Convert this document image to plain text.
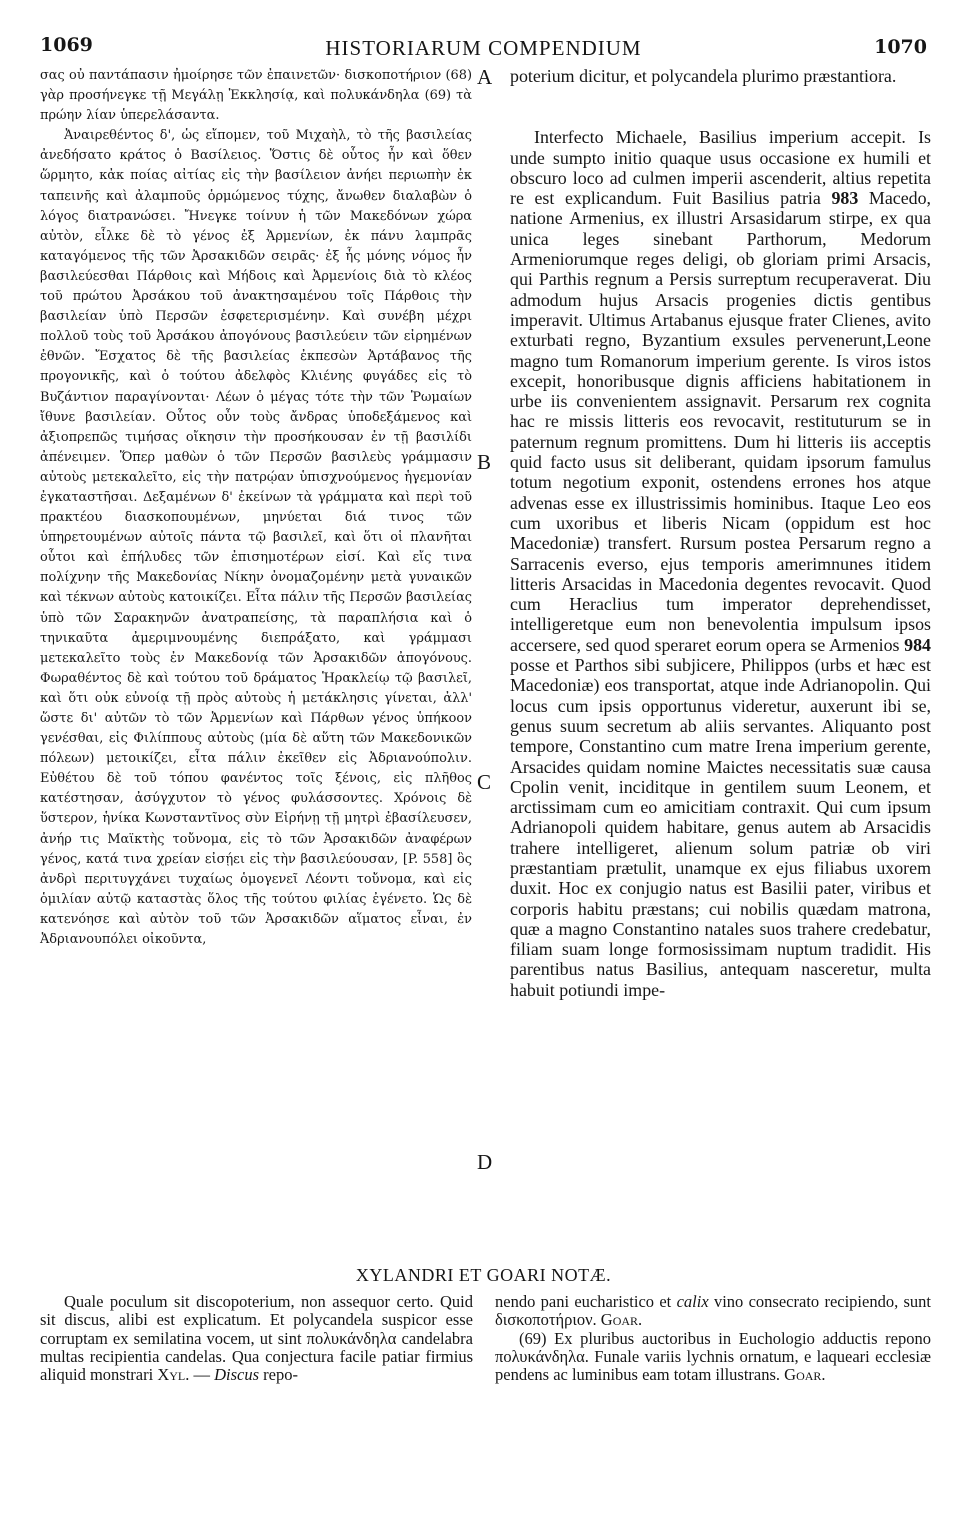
1069	HISTORIARUM COMPENDIUM	1070

σας οὐ παντάπασιν ἠμοίρησε τῶν ἐπαινετῶν· δισκοποτήριον (68) γὰρ προσήνεγκε τῇ Μεγάλῃ Ἐκκλησίᾳ, καὶ πολυκάνδηλα (69) τὰ πρώην λίαν ὑπερελάσαντα.

Ἀναιρεθέντος δ', ὡς εἴπομεν, τοῦ Μιχαὴλ, τὸ τῆς βασιλείας ἀνεδήσατο κράτος ὁ Βασίλειος. Ὅστις δὲ οὗτος ἦν καὶ ὅθεν ὥρμητο, κἀκ ποίας αἰτίας εἰς τὴν βασίλειον ἀνήει περιωπὴν ἐκ ταπεινῆς καὶ ἀλαμποῦς ὁρμώμενος τύχης, ἄνωθεν διαλαβὼν ὁ λόγος διατρανώσει. Ἤνεγκε τοίνυν ἡ τῶν Μακεδόνων χώρα αὐτὸν, εἷλκε δὲ τὸ γένος ἐξ Ἀρμενίων, ἐκ πάνυ λαμπρᾶς καταγόμενος τῆς τῶν Ἀρσακιδῶν σειρᾶς· ἐξ ἧς μόνης νόμος ἦν βασιλεύεσθαι Πάρθοις καὶ Μήδοις καὶ Ἀρμενίοις διὰ τὸ κλέος τοῦ πρώτου Ἀρσάκου τοῦ ἀνακτησαμένου τοῖς Πάρθοις τὴν βασιλείαν ὑπὸ Περσῶν ἐσφετερισμένην. Καὶ συνέβη μέχρι πολλοῦ τοὺς τοῦ Ἀρσάκου ἀπογόνους βασιλεύειν τῶν εἰρημένων ἐθνῶν. Ἔσχατος δὲ τῆς βασιλείας ἐκπεσὼν Ἀρτάβανος τῆς προγονικῆς, καὶ ὁ τούτου ἀδελφὸς Κλιένης φυγάδες εἰς τὸ Βυζάντιον παραγίνονται· Λέων ὁ μέγας τότε τὴν τῶν Ῥωμαίων ἴθυνε βασιλείαν. Οὗτος οὖν τοὺς ἄνδρας ὑποδεξάμενος καὶ ἀξιοπρεπῶς τιμήσας οἴκησιν τὴν προσήκουσαν ἐν τῇ βασιλίδι ἀπένειμεν. Ὅπερ μαθὼν ὁ τῶν Περσῶν βασιλεὺς γράμμασιν αὐτοὺς μετεκαλεῖτο, εἰς τὴν πατρῴαν ὑπισχνούμενος ἡγεμονίαν ἐγκαταστῆσαι. Δεξαμένων δ' ἐκείνων τὰ γράμματα καὶ περὶ τοῦ πρακτέου διασκοπουμένων, μηνύεται διά τινος τῶν ὑπηρετουμένων αὐτοῖς πάντα τῷ βασιλεῖ, καὶ ὅτι οἱ πλανῆται οὗτοι καὶ ἐπήλυδες τῶν ἐπισημοτέρων εἰσί. Καὶ εἴς τινα πολίχνην τῆς Μακεδονίας Νίκην ὀνομαζομένην μετὰ γυναικῶν καὶ τέκνων αὐτοὺς κατοικίζει. Εἶτα πάλιν τῆς Περσῶν βασιλείας ὑπὸ τῶν Σαρακηνῶν ἀνατραπείσης, τὰ παραπλήσια καὶ ὁ τηνικαῦτα ἀμεριμνουμένης διεπράξατο, καὶ γράμμασι μετεκαλεῖτο τοὺς ἐν Μακεδονίᾳ τῶν Ἀρσακιδῶν ἀπογόνους. Φωραθέντος δὲ καὶ τούτου τοῦ δράματος Ἡρακλείῳ τῷ βασιλεῖ, καὶ ὅτι οὐκ εὐνοίᾳ τῇ πρὸς αὐτοὺς ἡ μετάκλησις γίνεται, ἀλλ' ὥστε δι' αὐτῶν τὸ τῶν Ἀρμενίων καὶ Πάρθων γένος ὑπήκοον γενέσθαι, εἰς Φιλίππους αὐτοὺς (μία δὲ αὕτη τῶν Μακεδονικῶν πόλεων) μετοικίζει, εἶτα πάλιν ἐκεῖθεν εἰς Ἀδριανούπολιν. Εὐθέτου δὲ τοῦ τόπου φανέντος τοῖς ξένοις, εἰς πλῆθος κατέστησαν, ἀσύγχυτον τὸ γένος φυλάσσοντες. Χρόνοις δὲ ὕστερον, ἡνίκα Κωνσταντῖνος σὺν Εἰρήνῃ τῇ μητρὶ ἐβασίλευσεν, ἀνήρ τις Μαϊκτὴς τοὔνομα, εἰς τὸ τῶν Ἀρσακιδῶν ἀναφέρων γένος, κατά τινα χρείαν εἰσῄει εἰς τὴν βασιλεύουσαν, [P. 558] ὃς ἀνδρὶ περιτυγχάνει τυχαίως ὁμογενεῖ Λέοντι τοὔνομα, καὶ εἰς ὁμιλίαν αὐτῷ καταστὰς ὅλος τῆς τούτου φιλίας ἐγένετο. Ὡς δὲ κατενόησε καὶ αὐτὸν τοῦ τῶν Ἀρσακιδῶν αἵματος εἶναι, ἐν Ἀδριανουπόλει οἰκοῦντα,

A
B
C
D

poterium dicitur, et polycandela plurimo præstantiora.

Interfecto Michaele, Basilius imperium accepit. Is unde sumpto initio quaque usus occasione ex humili et obscuro loco ad culmen imperii ascenderit, altius repetita re est explicandum. Fuit Basilius patria 983 Macedo, natione Armenius, ex illustri Arsasidarum stirpe, ex qua unica leges sinebant Parthorum, Medorum Armeniorumque reges deligi, ob gloriam primi Arsacis, qui Parthis regnum a Persis surreptum recuperaverat. Diu admodum hujus Arsacis progenies dictis gentibus imperavit. Ultimus Artabanus ejusque frater Clienes, avito exturbati regno, Byzantium exsules pervenerunt,Leone magno tum Romanorum imperium gerente. Is viros istos excepit, honoribusque dignis afficiens habitationem in urbe iis convenientem assignavit. Persarum rex cognita hac re missis litteris eos revocavit, restituturum se in paternum regnum promittens. Dum hi litteris iis acceptis quid facto usus sit deliberant, quidam ipsorum famulus totum negotium exponit, ostendens errones hos atque advenas esse ex illustrissimis hominibus. Itaque Leo eos cum uxoribus et liberis Nicam (oppidum est hoc Macedoniæ) transfert. Rursum postea Persarum regno a Sarracenis everso, ejus temporis amerimnunes itidem litteris Arsacidas in Macedonia degentes revocavit. Quod cum Heraclius tum imperator deprehendisset, intelligeretque eum non benevolentia impulsum ipsos accersere, sed quod speraret eorum opera se Armenios 984 posse et Parthos sibi subjicere, Philippos (urbs et hæc est Macedoniæ) eos transportat, atque inde Adrianopolin. Qui locus cum ipsis opportunus videretur, auxerunt ibi se, genus suum secretum ab aliis servantes. Aliquanto post tempore, Constantino cum matre Irena imperium gerente, Arsacides quidam nomine Maictes necessitatis suæ causa Cpolin venit, inciditque in gentilem suum Leonem, et arctissimam cum eo amicitiam contraxit. Qui cum ipsum Adrianopoli quidem habitare, genus autem ab Arsacidis trahere intelligeret, alienum solum patriæ ob viri præstantiam prætulit, unamque ex ejus filiabus uxorem duxit. Hoc ex conjugio natus est Basilii pater, viribus et corporis habitu præstans; cui nobilis quædam matrona, quæ a magno Constantino natales suos trahere credebatur, filiam suam longe formosissimam nuptum tradidit. His parentibus natus Basilius, antequam nasceretur, multa habuit potiundi impe-

XYLANDRI ET GOARI NOTÆ.

Quale poculum sit discopoterium, non assequor certo. Quid sit discus, alibi est explicatum. Et polycandela suspicor esse corruptam ex semilatina vocem, ut sint πολυκάνδηλα candelabra multas recipientia candelas. Qua conjectura facile patiar firmius aliquid monstrari Xyl. — Discus repo-

nendo pani eucharistico et calix vino consecrato recipiendo, sunt δισκοποτήριον. Goar.

(69) Ex pluribus auctoribus in Euchologio adductis repono πολυκάνδηλα. Funale variis lychnis ornatum, e laqueari ecclesiæ pendens ac luminibus eam totam illustrans. Goar.
